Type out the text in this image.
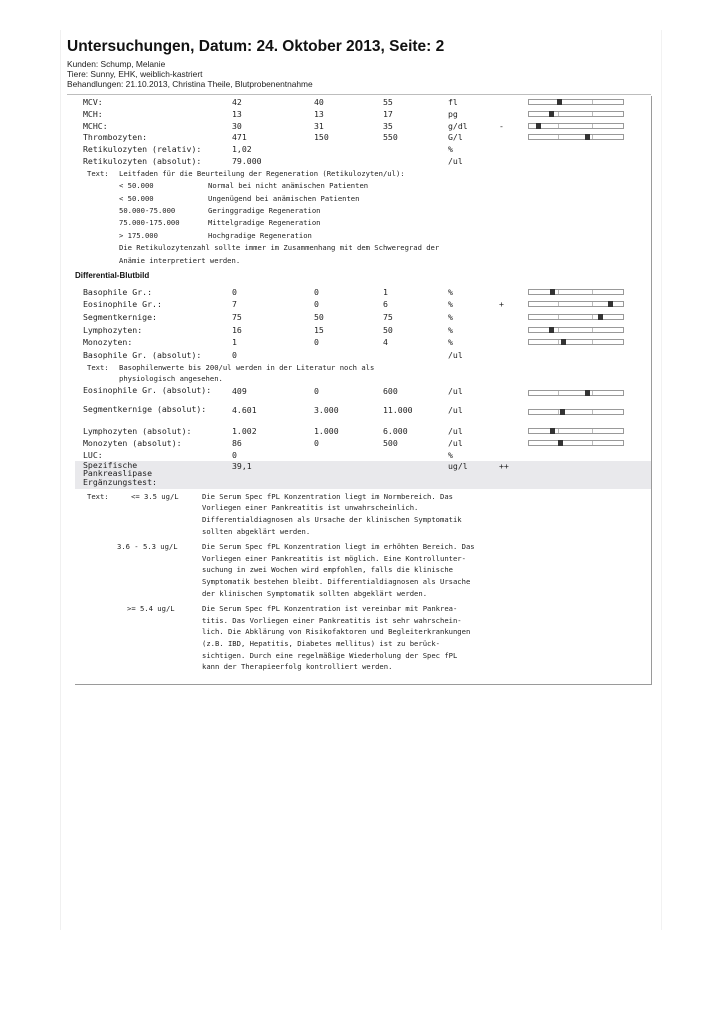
Untersuchungen, Datum: 24. Oktober 2013, Seite: 2
Kunden: Schump, Melanie
Tiere: Sunny, EHK, weiblich-kastriert
Behandlungen: 21.10.2013, Christina Theile, Blutprobenentnahme
MCV:	42	40	55	fl
MCH:	13	13	17	pg
MCHC:	30	31	35	g/dl	-
Thrombozyten:	471	150	550	G/l
Retikulozyten (relativ):	1,02	%
Retikulozyten (absolut):	79.000	/ul
Text: Leitfaden für die Beurteilung der Regeneration (Retikulozyten/ul):
< 50.000	Normal bei nicht anämischen Patienten
< 50.000	Ungenügend bei anämischen Patienten
50.000-75.000	Geringgradige Regeneration
75.000-175.000	Mittelgradige Regeneration
> 175.000	Hochgradige Regeneration
Die Retikulozytenzahl sollte immer im Zusammenhang mit dem Schweregrad der
Anämie interpretiert werden.
Differential-Blutbild
Basophile Gr.:	0	0	1	%
Eosinophile Gr.:	7	0	6	%	+
Segmentkernige:	75	50	75	%
Lymphozyten:	16	15	50	%
Monozyten:	1	0	4	%
Basophile Gr. (absolut):	0	/ul
Text: Basophilenwerte bis 200/ul werden in der Literatur noch als
physiologisch angesehen.
Eosinophile Gr. (absolut):	409	0	600	/ul
Segmentkernige (absolut):	4.601	3.000	11.000	/ul
Lymphozyten (absolut):	1.002	1.000	6.000	/ul
Monozyten (absolut):	86	0	500	/ul
LUC:	0	%
Spezifische Pankreaslipase Ergänzungstest:
39,1	ug/l	++
Text:	<= 3.5 ug/L	Die Serum Spec fPL Konzentration liegt im Normbereich. Das
Vorliegen einer Pankreatitis ist unwahrscheinlich.
Differentialdiagnosen als Ursache der klinischen Symptomatik
sollten abgeklärt werden.
3.6 - 5.3 ug/L	Die Serum Spec fPL Konzentration liegt im erhöhten Bereich. Das
Vorliegen einer Pankreatitis ist möglich. Eine Kontrollunter-
suchung in zwei Wochen wird empfohlen, falls die klinische
Symptomatik bestehen bleibt. Differentialdiagnosen als Ursache
der klinischen Symptomatik sollten abgeklärt werden.
>= 5.4 ug/L	Die Serum Spec fPL Konzentration ist vereinbar mit Pankrea-
titis. Das Vorliegen einer Pankreatitis ist sehr wahrschein-
lich. Die Abklärung von Risikofaktoren und Begleiterkrankungen
(z.B. IBD, Hepatitis, Diabetes mellitus) ist zu berück-
sichtigen. Durch eine regelmäßige Wiederholung der Spec fPL
kann der Therapieerfolg kontrolliert werden.
